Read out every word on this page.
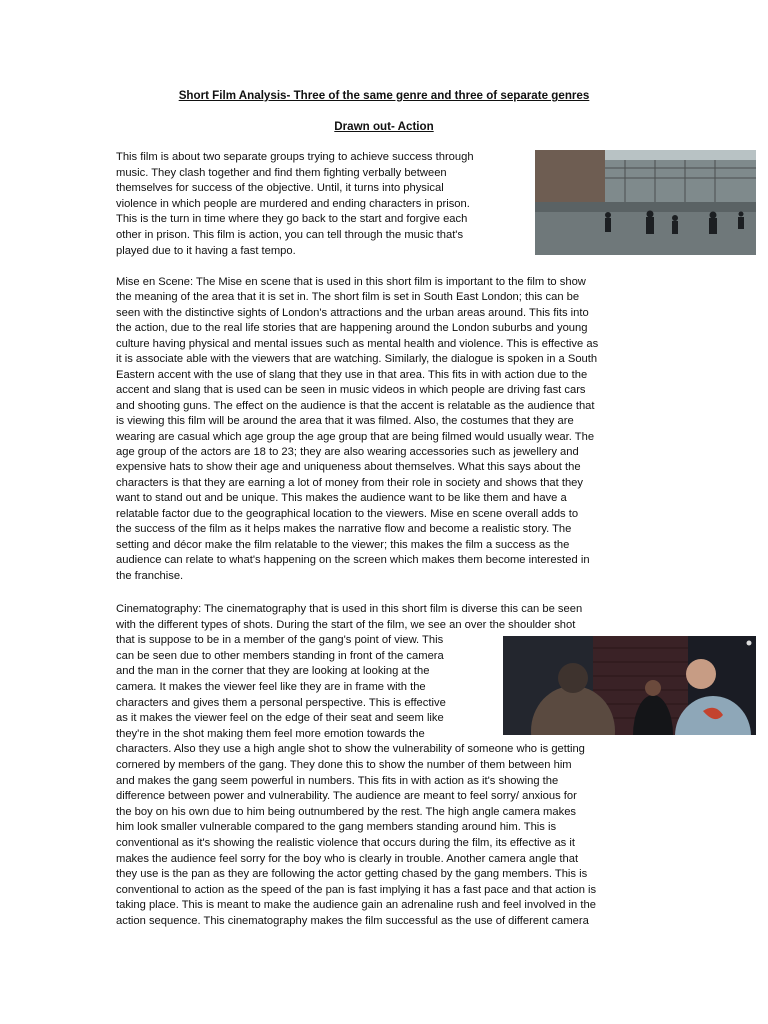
Short Film Analysis- Three of the same genre and three of separate genres
Drawn out- Action
This film is about two separate groups trying to achieve success through
music. They clash together and find them fighting verbally between
themselves for success of the objective. Until, it turns into physical
violence in which people are murdered and ending characters in prison.
This is the turn in time where they go back to the start and forgive each
other in prison. This film is action, you can tell through the music that's
played due to it having a fast tempo.
Mise en Scene: The Mise en scene that is used in this short film is important to the film to show
the meaning of the area that it is set in. The short film is set in South East London; this can be
seen with the distinctive sights of London's attractions and the urban areas around. This fits into
the action, due to the real life stories that are happening around the London suburbs and young
culture having physical and mental issues such as mental health and violence. This is effective as
it is associate able with the viewers that are watching. Similarly, the dialogue is spoken in a South
Eastern accent with the use of slang that they use in that area. This fits in with action due to the
accent and slang that is used can be seen in music videos in which people are driving fast cars
and shooting guns. The effect on the audience is that the accent is relatable as the audience that
is viewing this film will be around the area that it was filmed. Also, the costumes that they are
wearing are casual which age group the age group that are being filmed would usually wear. The
age group of the actors are 18 to 23; they are also wearing accessories such as jewellery and
expensive hats to show their age and uniqueness about themselves. What this says about the
characters is that they are earning a lot of money from their role in society and shows that they
want to stand out and be unique. This makes the audience want to be like them and have a
relatable factor due to the geographical location to the viewers. Mise en scene overall adds to
the success of the film as it helps makes the narrative flow and become a realistic story. The
setting and décor make the film relatable to the viewer; this makes the film a success as the
audience can relate to what's happening on the screen which makes them become interested in
the franchise.
Cinematography: The cinematography that is used in this short film is diverse this can be seen
with the different types of shots. During the start of the film, we see an over the shoulder shot
that is suppose to be in a member of the gang's point of view. This
can be seen due to other members standing in front of the camera
and the man in the corner that they are looking at looking at the
camera. It makes the viewer feel like they are in frame with the
characters and gives them a personal perspective. This is effective
as it makes the viewer feel on the edge of their seat and seem like
they're in the shot making them feel more emotion towards the
characters. Also they use a high angle shot to show the vulnerability of someone who is getting
cornered by members of the gang. They done this to show the number of them between him
and makes the gang seem powerful in numbers. This fits in with action as it's showing the
difference between power and vulnerability. The audience are meant to feel sorry/ anxious for
the boy on his own due to him being outnumbered by the rest. The high angle camera makes
him look smaller vulnerable compared to the gang members standing around him. This is
conventional as it's showing the realistic violence that occurs during the film, its effective as it
makes the audience feel sorry for the boy who is clearly in trouble. Another camera angle that
they use is the pan as they are following the actor getting chased by the gang members. This is
conventional to action as the speed of the pan is fast implying it has a fast pace and that action is
taking place. This is meant to make the audience gain an adrenaline rush and feel involved in the
action sequence. This cinematography makes the film successful as the use of different camera
